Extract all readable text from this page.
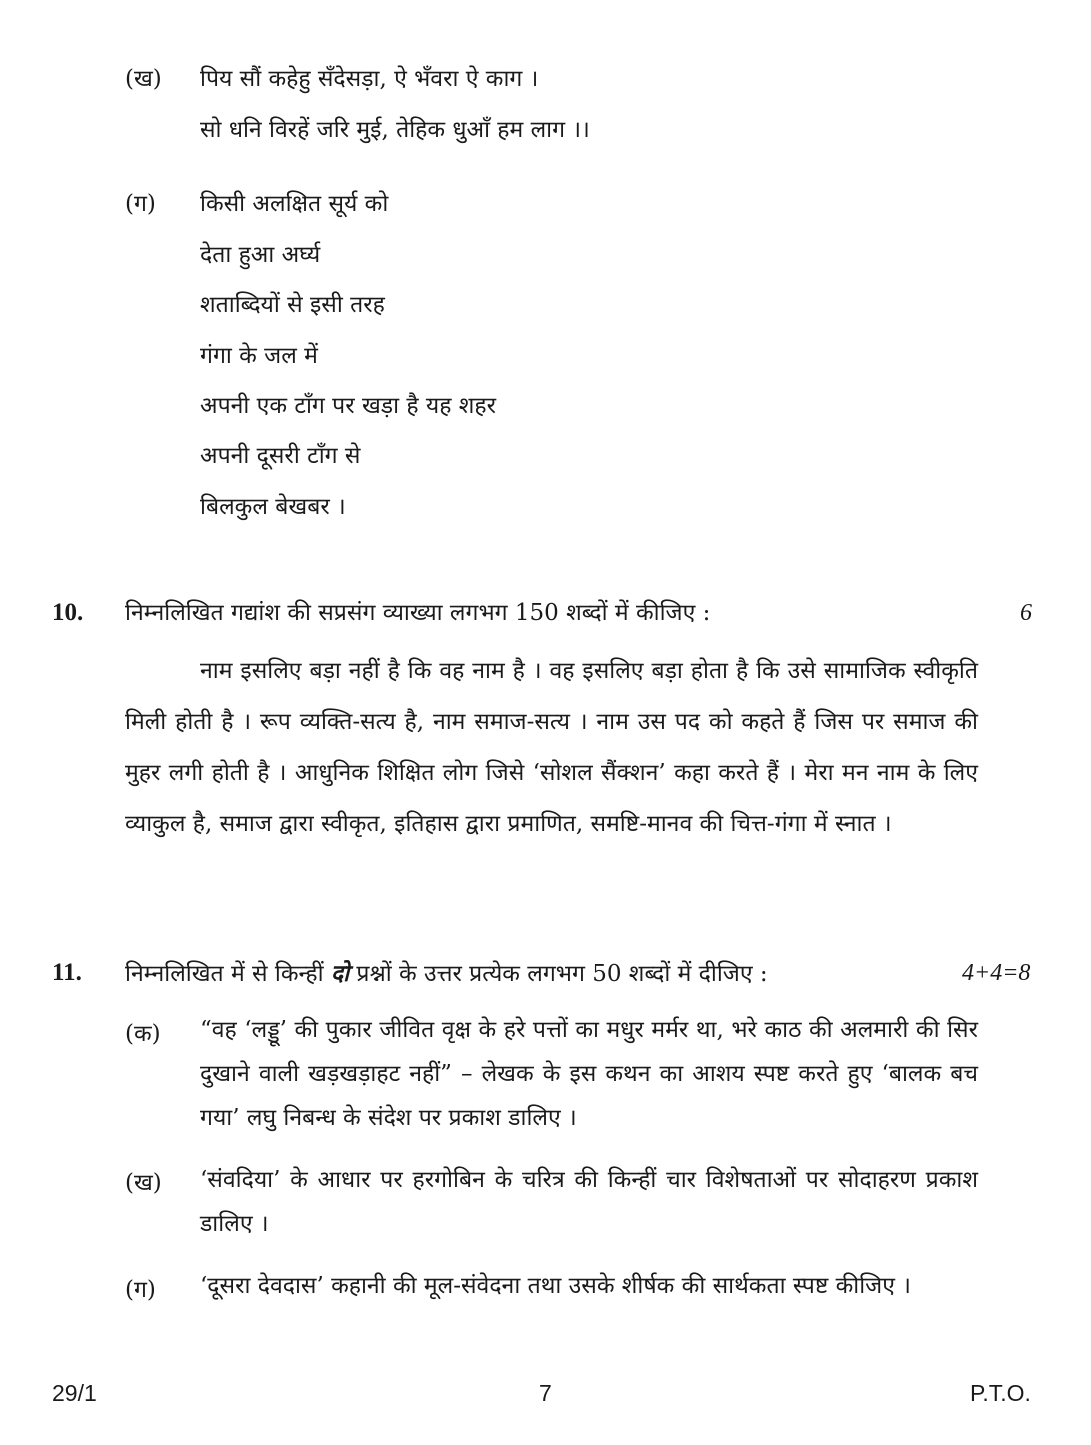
(ख) पिय सौं कहेहु सँदेसड़ा, ऐ भँवरा ऐ काग ।
सो धनि विरहें जरि मुई, तेहिक धुआँ हम लाग ।।
(ग) किसी अलक्षित सूर्य को
देता हुआ अर्घ्य
शताब्दियों से इसी तरह
गंगा के जल में
अपनी एक टाँग पर खड़ा है यह शहर
अपनी दूसरी टाँग से
बिलकुल बेखबर ।
10. निम्नलिखित गद्यांश की सप्रसंग व्याख्या लगभग 150 शब्दों में कीजिए :	6
नाम इसलिए बड़ा नहीं है कि वह नाम है । वह इसलिए बड़ा होता है कि उसे सामाजिक स्वीकृति मिली होती है । रूप व्यक्ति-सत्य है, नाम समाज-सत्य । नाम उस पद को कहते हैं जिस पर समाज की मुहर लगी होती है । आधुनिक शिक्षित लोग जिसे ‘सोशल सैंक्शन’ कहा करते हैं । मेरा मन नाम के लिए व्याकुल है, समाज द्वारा स्वीकृत, इतिहास द्वारा प्रमाणित, समष्टि-मानव की चित्त-गंगा में स्नात ।
11. निम्नलिखित में से किन्हीं दो प्रश्नों के उत्तर प्रत्येक लगभग 50 शब्दों में दीजिए :	4+4=8
(क) “वह ‘लड्डू’ की पुकार जीवित वृक्ष के हरे पत्तों का मधुर मर्मर था, भरे काठ की अलमारी की सिर दुखाने वाली खड़खड़ाहट नहीं” – लेखक के इस कथन का आशय स्पष्ट करते हुए ‘बालक बच गया’ लघु निबन्ध के संदेश पर प्रकाश डालिए ।
(ख) ‘संवदिया’ के आधार पर हरगोबिन के चरित्र की किन्हीं चार विशेषताओं पर सोदाहरण प्रकाश डालिए ।
(ग) ‘दूसरा देवदास’ कहानी की मूल-संवेदना तथा उसके शीर्षक की सार्थकता स्पष्ट कीजिए ।
29/1	7	P.T.O.
